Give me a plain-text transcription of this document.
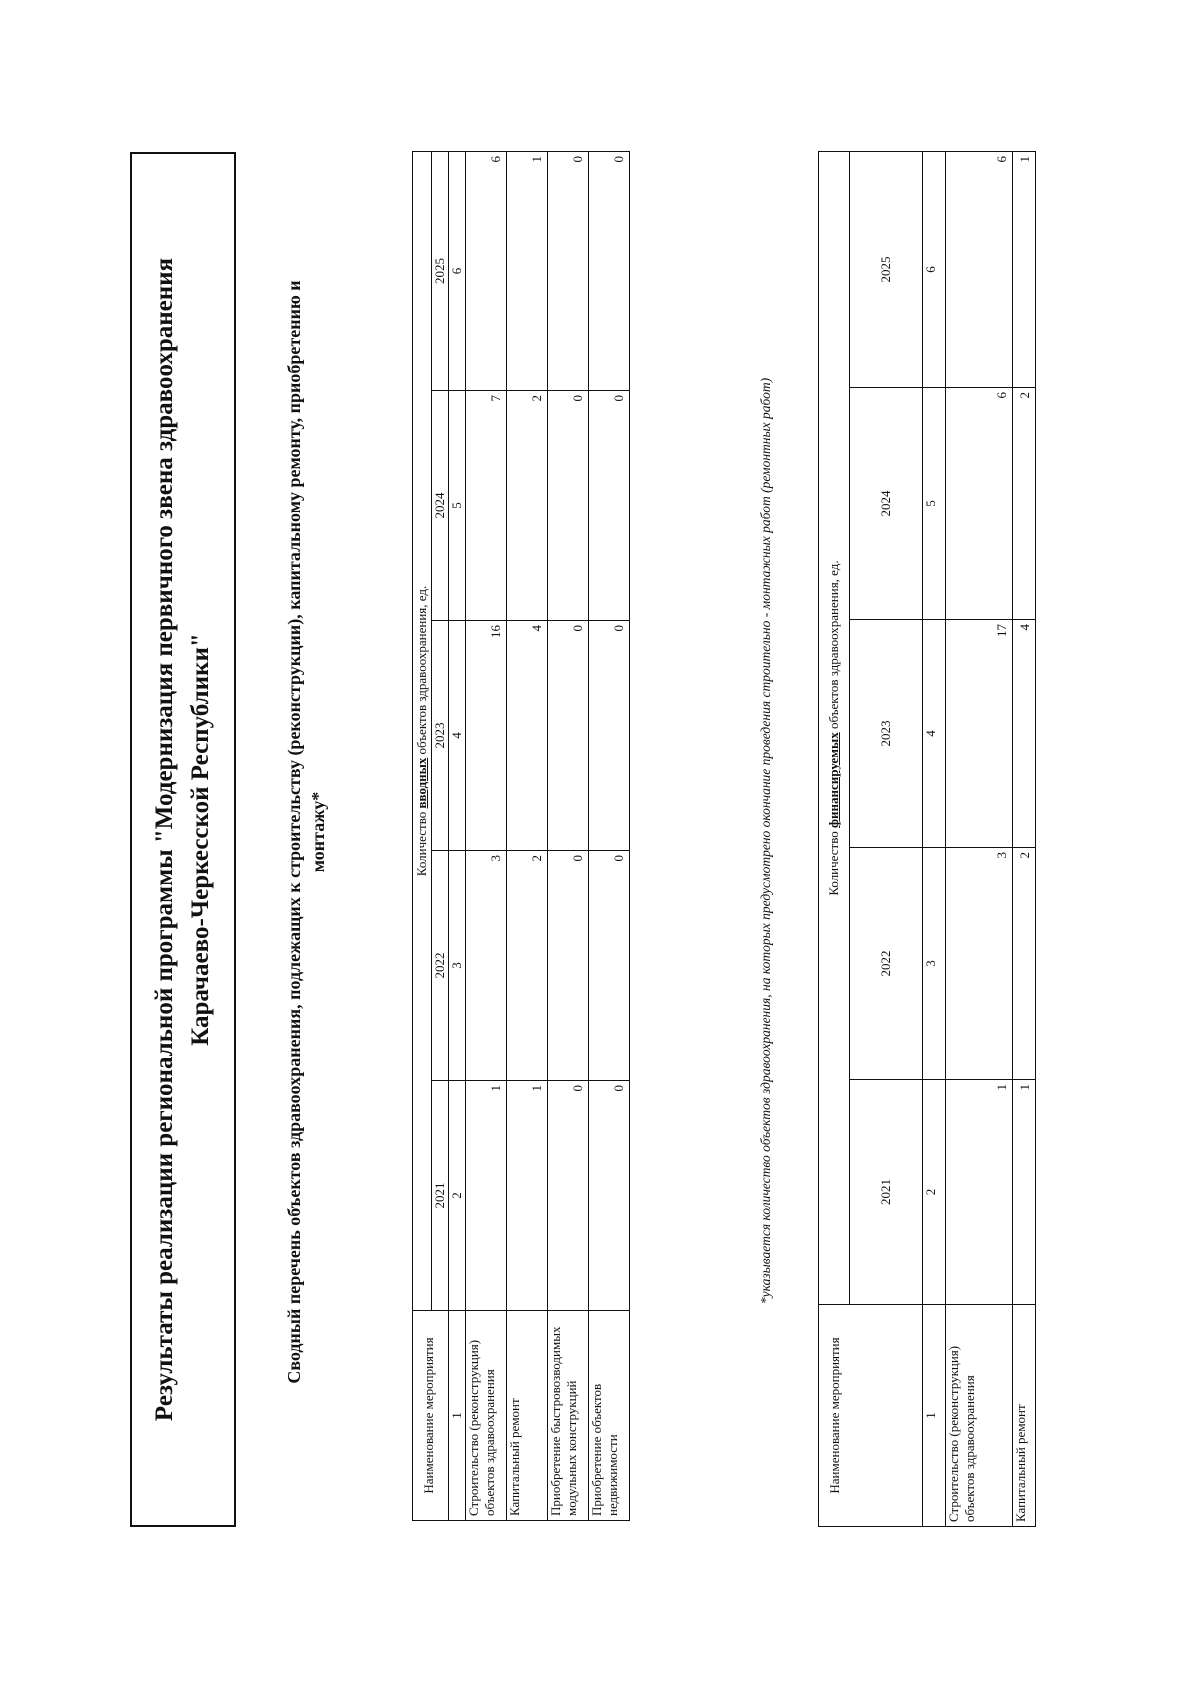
Результаты реализации региональной программы "Модернизация первичного звена здравоохранения Карачаево-Черкесской Республики"	Сводный перечень объектов здравоохранения, подлежащих к строительству (реконструкции), капитальному ремонту, приобретению и монтажу*
Наименование мероприятия	Количество вводных объектов здравоохранения, ед.				
	2021	2022	2023	2024	2025
1	2	3	4	5	6
Строительство (реконструкция) объектов здравоохранения	1	3	16	7	6
Капитальный ремонт	1	2	4	2	1
Приобретение быстровозводимых модульных конструкций	0	0	0	0	0
Приобретение объектов недвижимости	0	0	0	0	0
*указывается количество объектов здравоохранения, на которых предусмотрено окончание проведения строительно - монтажных работ (ремонтных работ)
Наименование мероприятия	Количество финансируемых объектов здравоохранения, ед.				
	2021	2022	2023	2024	2025
1	2	3	4	5	6
Строительство (реконструкция) объектов здравоохранения	1	3	17	6	6
Капитальный ремонт	1	2	4	2	1
